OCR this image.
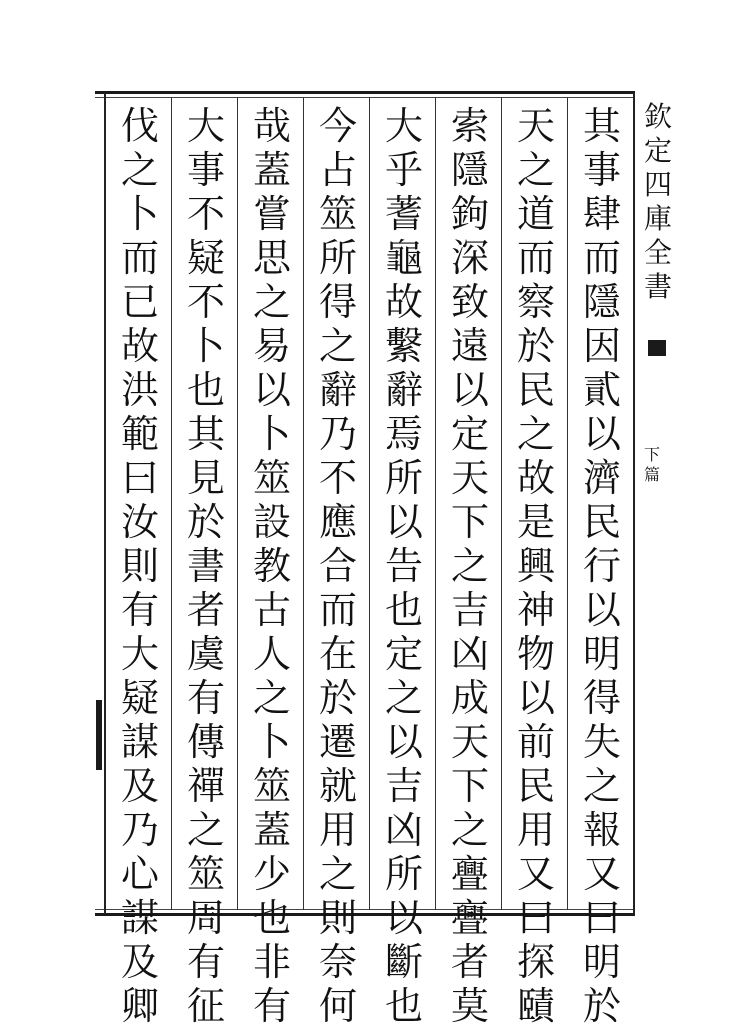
其
事
肆
而
隱
因
貳
以
濟
民
行
以
明
得
失
之
報
又
曰
明
於
天
之
道
而
察
於
民
之
故
是
興
神
物
以
前
民
用
又
曰
探
賾
索
隱
鉤
深
致
遠
以
定
天
下
之
吉
凶
成
天
下
之
亹
亹
者
莫
大
乎
蓍
龜
故
繫
辭
焉
所
以
告
也
定
之
以
吉
凶
所
以
斷
也
今
占
筮
所
得
之
辭
乃
不
應
合
而
在
於
遷
就
用
之
則
奈
何
哉
蓋
嘗
思
之
易
以
卜
筮
設
教
古
人
之
卜
筮
蓋
少
也
非
有
大
事
不
疑
不
卜
也
其
見
於
書
者
虞
有
傳
禪
之
筮
周
有
征
伐
之
卜
而
已
故
洪
範
曰
汝
則
有
大
疑
謀
及
乃
心
謀
及
卿
欽
定
四
庫
全
書
下
篇
